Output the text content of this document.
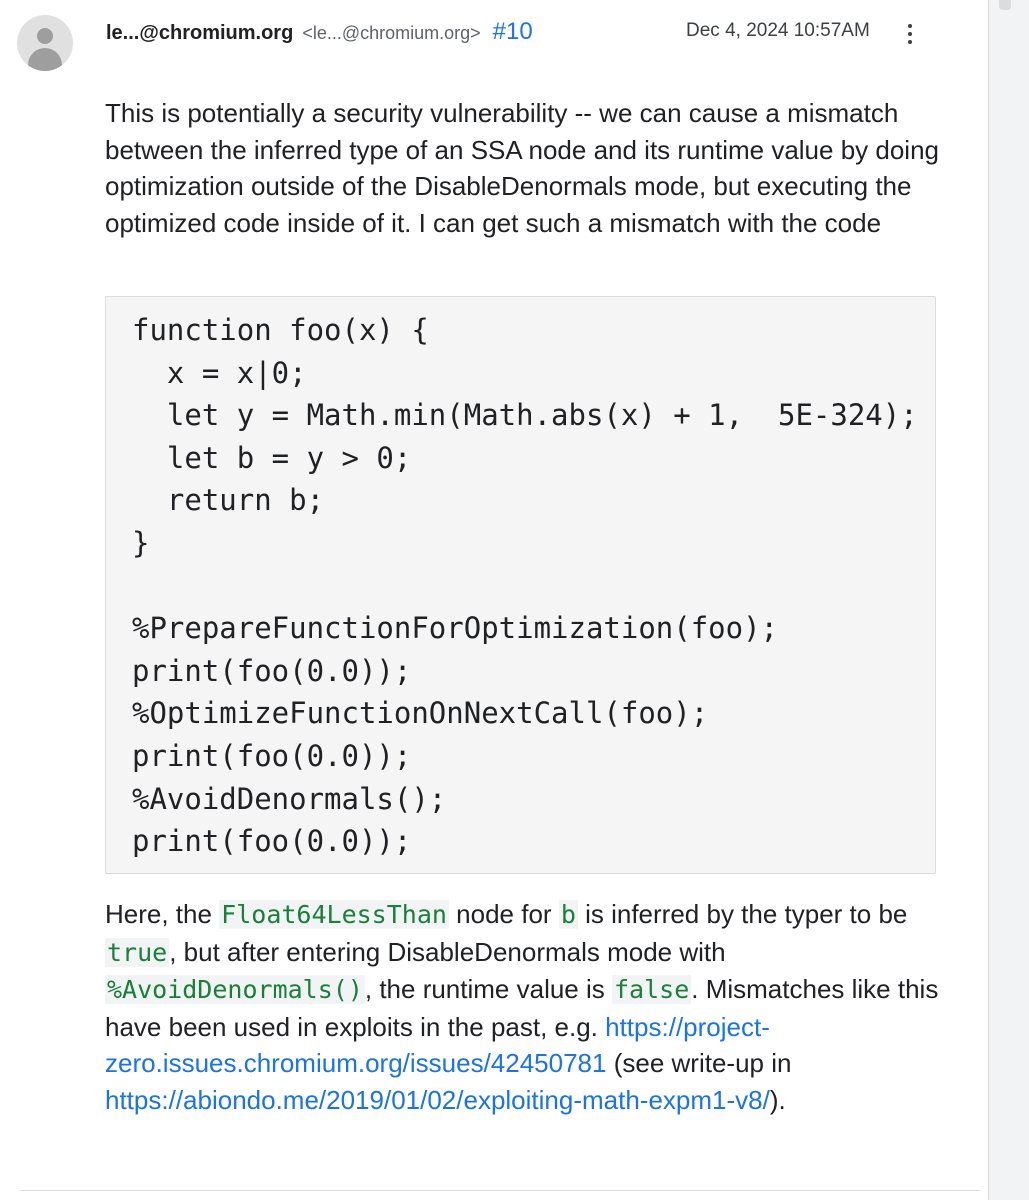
le...@chromium.org <le...@chromium.org> #10	Dec 4, 2024 10:57AM

This is potentially a security vulnerability -- we can cause a mismatch between the inferred type of an SSA node and its runtime value by doing optimization outside of the DisableDenormals mode, but executing the optimized code inside of it. I can get such a mismatch with the code

function foo(x) {
x = x|0;
let y = Math.min(Math.abs(x) + 1,  5E-324);
let b = y > 0;
return b;
}
%PrepareFunctionForOptimization(foo);
print(foo(0.0));
%OptimizeFunctionOnNextCall(foo);
print(foo(0.0));
%AvoidDenormals();
print(foo(0.0));

Here, the Float64LessThan node for b is inferred by the typer to be true, but after entering DisableDenormals mode with %AvoidDenormals(), the runtime value is false. Mismatches like this have been used in exploits in the past, e.g. https://project-zero.issues.chromium.org/issues/42450781 (see write-up in https://abiondo.me/2019/01/02/exploiting-math-expm1-v8/).
